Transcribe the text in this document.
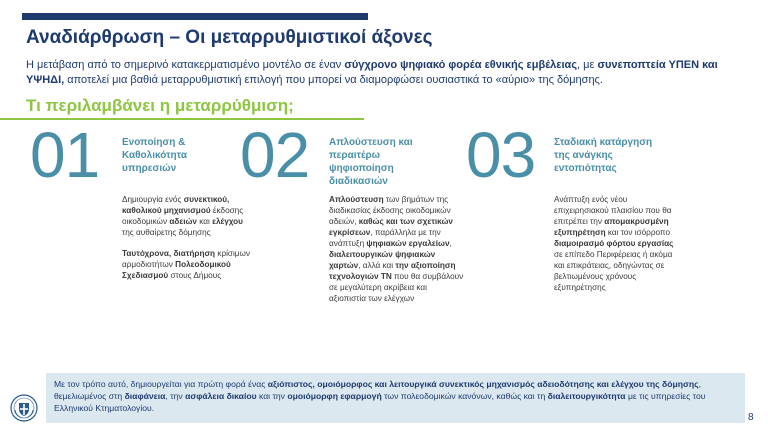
Αναδιάρθρωση – Οι μεταρρυθμιστικοί άξονες
Η μετάβαση από το σημερινό κατακερματισμένο μοντέλο σε έναν σύγχρονο ψηφιακό φορέα εθνικής εμβέλειας, με συνεποπτεία ΥΠΕΝ και ΥΨΗΔΙ, αποτελεί μια βαθιά μεταρρυθμιστική επιλογή που μπορεί να διαμορφώσει ουσιαστικά το «αύριο» της δόμησης.
Τι περιλαμβάνει η μεταρρύθμιση;
01 Ενοποίηση &
Καθολικότητα
υπηρεσιών

Δημιουργία ενός συνεκτικού, καθολικού μηχανισμού έκδοσης οικοδομικών αδειών και ελέγχου της αυθαίρετης δόμησης

Ταυτόχρονα, διατήρηση κρίσιμων αρμοδιοτήτων Πολεοδομικού Σχεδιασμού στους Δήμους

02 Απλούστευση και
περαιτέρω
ψηφιοποίηση
διαδικασιών

Απλούστευση των βημάτων της διαδικασίας έκδοσης οικοδομικών αδειών, καθώς και των σχετικών εγκρίσεων, παράλληλα με την ανάπτυξη ψηφιακών εργαλείων, διαλειτουργικών ψηφιακών χαρτών, αλλά και την αξιοποίηση τεχνολογιών ΤΝ που θα συμβάλουν σε μεγαλύτερη ακρίβεια και αξιοπιστία των ελέγχων

03 Σταδιακή κατάργηση
της ανάγκης
εντοπιότητας

Ανάπτυξη ενός νέου επιχειρησιακού πλαισίου που θα επιτρέπει την απομακρυσμένη εξυπηρέτηση και τον ισόρροπο διαμοιρασμό φόρτου εργασίας σε επίπεδο Περιφέρειας ή ακόμα και επικράτειας, οδηγώντας σε βελτιωμένους χρόνους εξυπηρέτησης

Με τον τρόπο αυτό, δημιουργείται για πρώτη φορά ένας αξιόπιστος, ομοιόμορφος και λειτουργικά συνεκτικός μηχανισμός αδειοδότησης και ελέγχου της δόμησης, θεμελιωμένος στη διαφάνεια, την ασφάλεια δικαίου και την ομοιόμορφη εφαρμογή των πολεοδομικών κανόνων, καθώς και τη διαλειτουργικότητα με τις υπηρεσίες του Ελληνικού Κτηματολογίου.
8
